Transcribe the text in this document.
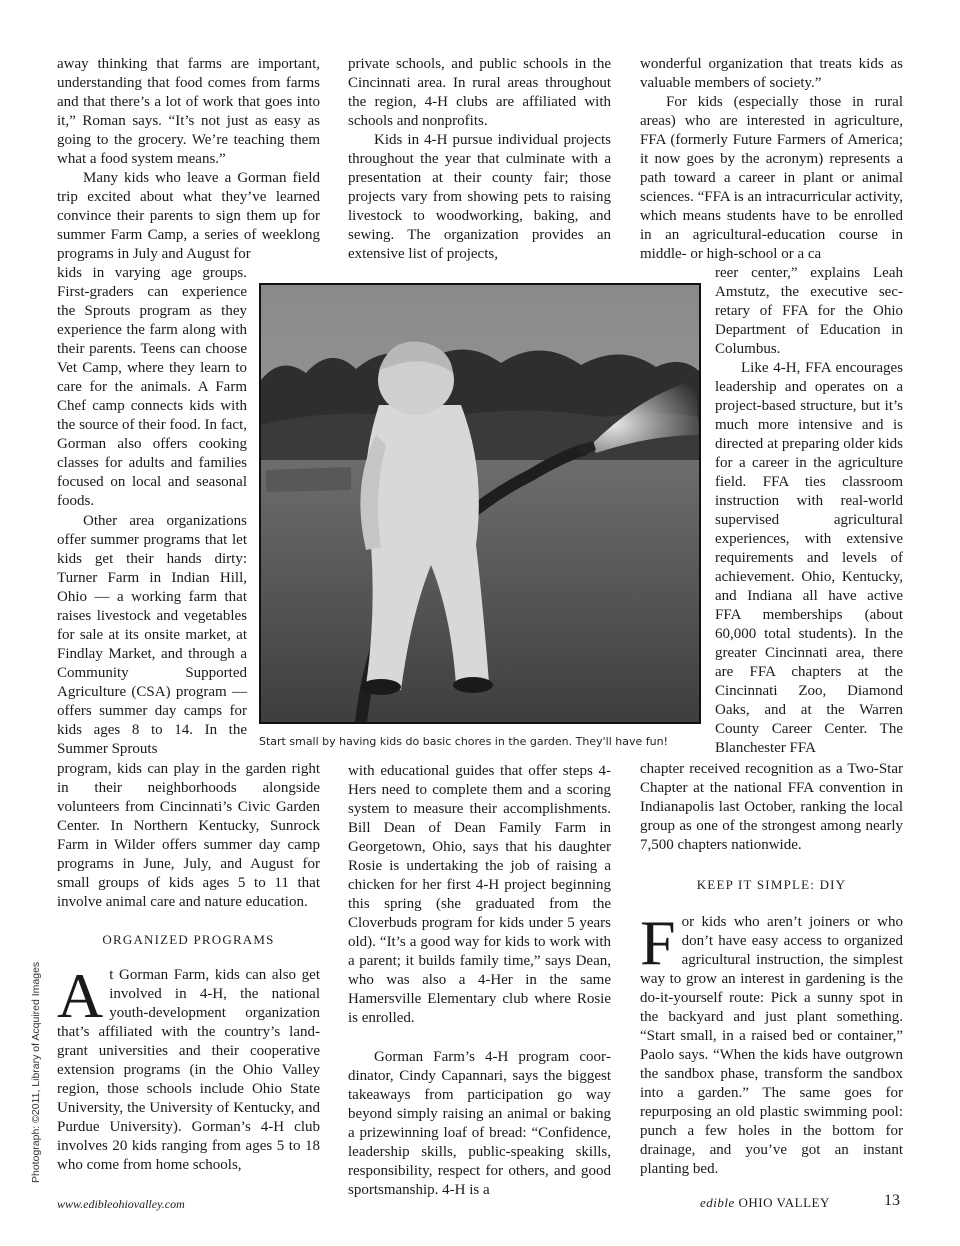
away thinking that farms are important, understanding that food comes from farms and that there’s a lot of work that goes into it,” Roman says. “It’s not just as easy as going to the grocery. We’re teaching them what a food system means.”

Many kids who leave a Gorman field trip excited about what they’ve learned convince their parents to sign them up for summer Farm Camp, a series of weeklong programs in July and August for

kids in varying age groups. First-graders can experience the Sprouts program as they experience the farm along with their parents. Teens can choose Vet Camp, where they learn to care for the animals. A Farm Chef camp connects kids with the source of their food. In fact, Gorman also offers cooking classes for adults and families focused on local and seasonal foods.

Other area organizations offer summer programs that let kids get their hands dirty: Turner Farm in Indian Hill, Ohio — a working farm that raises livestock and vegetables for sale at its onsite market, at Findlay Market, and through a Community Supported Agriculture (CSA) program — offers summer day camps for kids ages 8 to 14. In the Summer Sprouts

program, kids can play in the garden right in their neighborhoods alongside volunteers from Cincinnati’s Civic Garden Center. In Northern Kentucky, Sunrock Farm in Wilder offers summer day camp programs in June, July, and August for small groups of kids ages 5 to 11 that involve animal care and nature education.

ORGANIZED PROGRAMS

At Gorman Farm, kids can also get involved in 4-H, the national youth-development organization that’s affiliated with the country’s land-grant universities and their cooperative extension programs (in the Ohio Valley region, those schools include Ohio State University, the University of Kentucky, and Purdue University). Gorman’s 4-H club involves 20 kids ranging from ages 5 to 18 who come from home schools,

private schools, and public schools in the Cincinnati area. In rural areas throughout the region, 4-H clubs are affiliated with schools and nonprofits.

Kids in 4-H pursue individual projects throughout the year that culminate with a presentation at their county fair; those projects vary from showing pets to raising livestock to woodworking, baking, and sewing. The organization provides an extensive list of projects,

with educational guides that offer steps 4-Hers need to complete them and a scoring system to measure their accomplishments. Bill Dean of Dean Family Farm in Georgetown, Ohio, says that his daughter Rosie is undertaking the job of raising a chicken for her first 4-H project beginning this spring (she graduated from the Cloverbuds program for kids under 5 years old). “It’s a good way for kids to work with a parent; it builds family time,” says Dean, who was also a 4-Her in the same Hamersville Elementary club where Rosie is enrolled.

Gorman Farm’s 4-H program coordinator, Cindy Capannari, says the biggest takeaways from participation go way beyond simply raising an animal or baking a prizewinning loaf of bread: “Confidence, leadership skills, public-speaking skills, responsibility, respect for others, and good sportsmanship. 4-H is a

wonderful organization that treats kids as valuable members of society.”

For kids (especially those in rural areas) who are interested in agriculture, FFA (formerly Future Farmers of America; it now goes by the acronym) represents a path toward a career in plant or animal sciences. “FFA is an intracurricular activity, which means students have to be enrolled in an agricultural-education course in middle- or high-school or a ca

reer center,” explains Leah Amstutz, the executive secretary of FFA for the Ohio Department of Education in Columbus.

Like 4-H, FFA encourages leadership and operates on a project-based structure, but it’s much more intensive and is directed at preparing older kids for a career in the agriculture field. FFA ties classroom instruction with real-world supervised agricultural experiences, with extensive requirements and levels of achievement. Ohio, Kentucky, and Indiana all have active FFA memberships (about 60,000 total students). In the greater Cincinnati area, there are FFA chapters at the Cincinnati Zoo, Diamond Oaks, and at the Warren County Career Center. The Blanchester FFA

chapter received recognition as a Two-Star Chapter at the national FFA convention in Indianapolis last October, ranking the local group as one of the strongest among nearly 7,500 chapters nationwide.

KEEP IT SIMPLE: DIY

For kids who aren’t joiners or who don’t have easy access to organized agricultural instruction, the simplest way to grow an interest in gardening is the do-it-yourself route: Pick a sunny spot in the backyard and just plant something. “Start small, in a raised bed or container,” Paolo says. “When the kids have outgrown the sandbox phase, transform the sandbox into a garden.” The same goes for repurposing an old plastic swimming pool: punch a few holes in the bottom for drainage, and you’ve got an instant planting bed.

Start small by having kids do basic chores in the garden. They'll have fun!
Photograph: ©2011, Library of Acquired Images
www.edibleohiovalley.com	edible OHIO VALLEY	13
